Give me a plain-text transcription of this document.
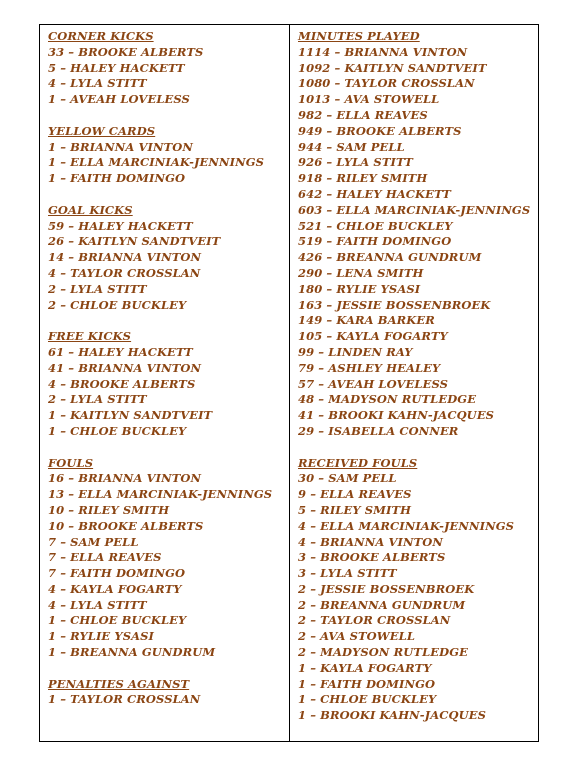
CORNER KICKS
33 – BROOKE ALBERTS
5 – HALEY HACKETT
4 – LYLA STITT
1 – AVEAH LOVELESS
YELLOW CARDS
1 – BRIANNA VINTON
1 – ELLA MARCINIAK-JENNINGS
1 – FAITH DOMINGO
GOAL KICKS
59 – HALEY HACKETT
26 – KAITLYN SANDTVEIT
14 – BRIANNA VINTON
4 – TAYLOR CROSSLAN
2 – LYLA STITT
2 – CHLOE BUCKLEY
FREE KICKS
61 – HALEY HACKETT
41 – BRIANNA VINTON
4 – BROOKE ALBERTS
2 – LYLA STITT
1 – KAITLYN SANDTVEIT
1 – CHLOE BUCKLEY
FOULS
16 – BRIANNA VINTON
13 – ELLA MARCINIAK-JENNINGS
10 – RILEY SMITH
10 – BROOKE ALBERTS
7 – SAM PELL
7 – ELLA REAVES
7 – FAITH DOMINGO
4 – KAYLA FOGARTY
4 – LYLA STITT
1 – CHLOE BUCKLEY
1 – RYLIE YSASI
1 – BREANNA GUNDRUM
PENALTIES AGAINST
1 – TAYLOR CROSSLAN
MINUTES PLAYED
1114 – BRIANNA VINTON
1092 – KAITLYN SANDTVEIT
1080 – TAYLOR CROSSLAN
1013 – AVA STOWELL
982 – ELLA REAVES
949 – BROOKE ALBERTS
944 – SAM PELL
926 – LYLA STITT
918 – RILEY SMITH
642 – HALEY HACKETT
603 – ELLA MARCINIAK-JENNINGS
521 – CHLOE BUCKLEY
519 – FAITH DOMINGO
426 – BREANNA GUNDRUM
290 – LENA SMITH
180 – RYLIE YSASI
163 – JESSIE BOSSENBROEK
149 – KARA BARKER
105 – KAYLA FOGARTY
99 – LINDEN RAY
79 – ASHLEY HEALEY
57 – AVEAH LOVELESS
48 – MADYSON RUTLEDGE
41 – BROOKI KAHN-JACQUES
29 – ISABELLA CONNER
RECEIVED FOULS
30 – SAM PELL
9 – ELLA REAVES
5 – RILEY SMITH
4 – ELLA MARCINIAK-JENNINGS
4 – BRIANNA VINTON
3 – BROOKE ALBERTS
3 – LYLA STITT
2 – JESSIE BOSSENBROEK
2 – BREANNA GUNDRUM
2 – TAYLOR CROSSLAN
2 – AVA STOWELL
2 – MADYSON RUTLEDGE
1 – KAYLA FOGARTY
1 – FAITH DOMINGO
1 – CHLOE BUCKLEY
1 – BROOKI KAHN-JACQUES
